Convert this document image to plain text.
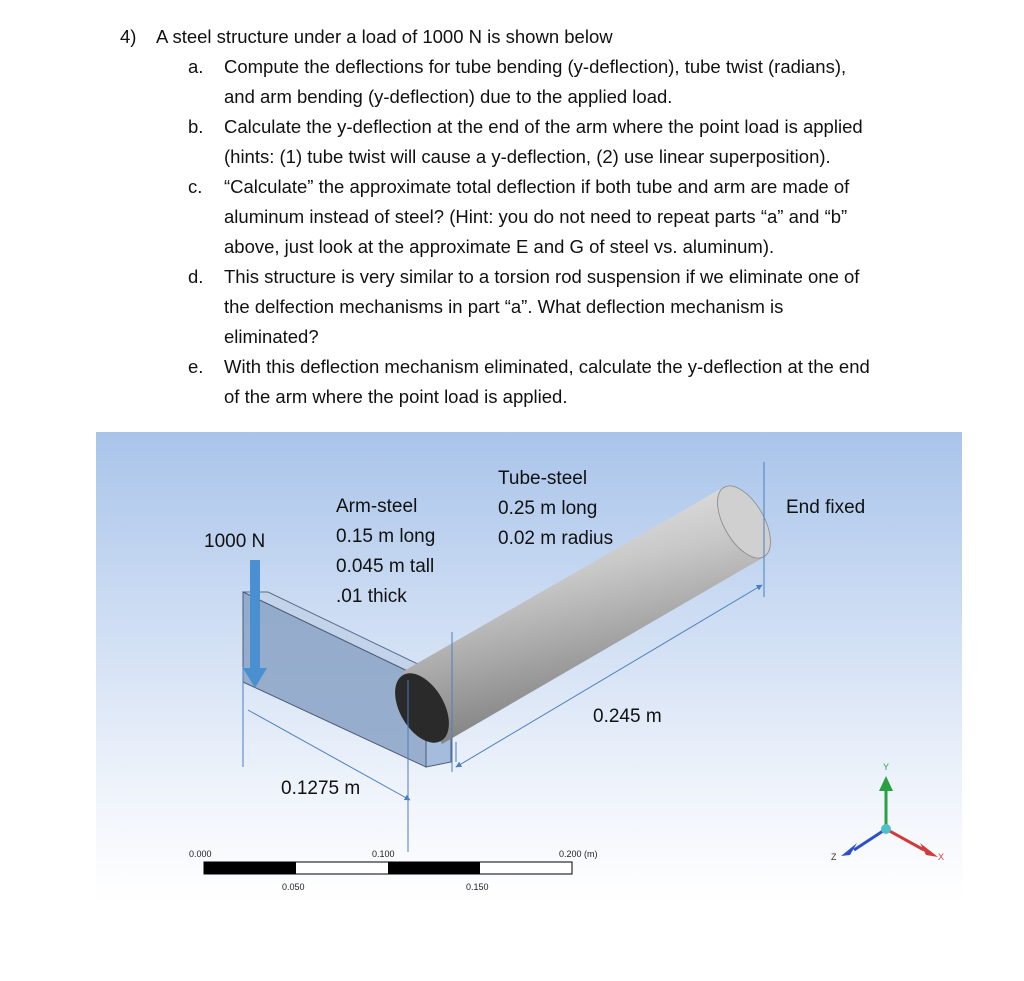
4)	A steel structure under a load of 1000 N is shown below
a.	Compute the deflections for tube bending (y-deflection), tube twist (radians),
and arm bending (y-deflection) due to the applied load.
b.	Calculate the y-deflection at the end of the arm where the point load is applied
(hints: (1) tube twist will cause a y-deflection, (2) use linear superposition).
c.	“Calculate” the approximate total deflection if both tube and arm are made of
aluminum instead of steel? (Hint: you do not need to repeat parts “a” and “b”
above, just look at the approximate E and G of steel vs. aluminum).
d.	This structure is very similar to a torsion rod suspension if we eliminate one of
the delfection mechanisms in part “a”. What deflection mechanism is
eliminated?
e.	With this deflection mechanism eliminated, calculate the y-deflection at the end
of the arm where the point load is applied.
1000 N
Arm-steel
0.15 m long
0.045 m tall
.01 thick
Tube-steel
0.25 m long
0.02 m radius
End fixed
0.245 m
0.1275 m
0.000	0.100	0.200 (m)
0.050	0.150
Y
X
Z
